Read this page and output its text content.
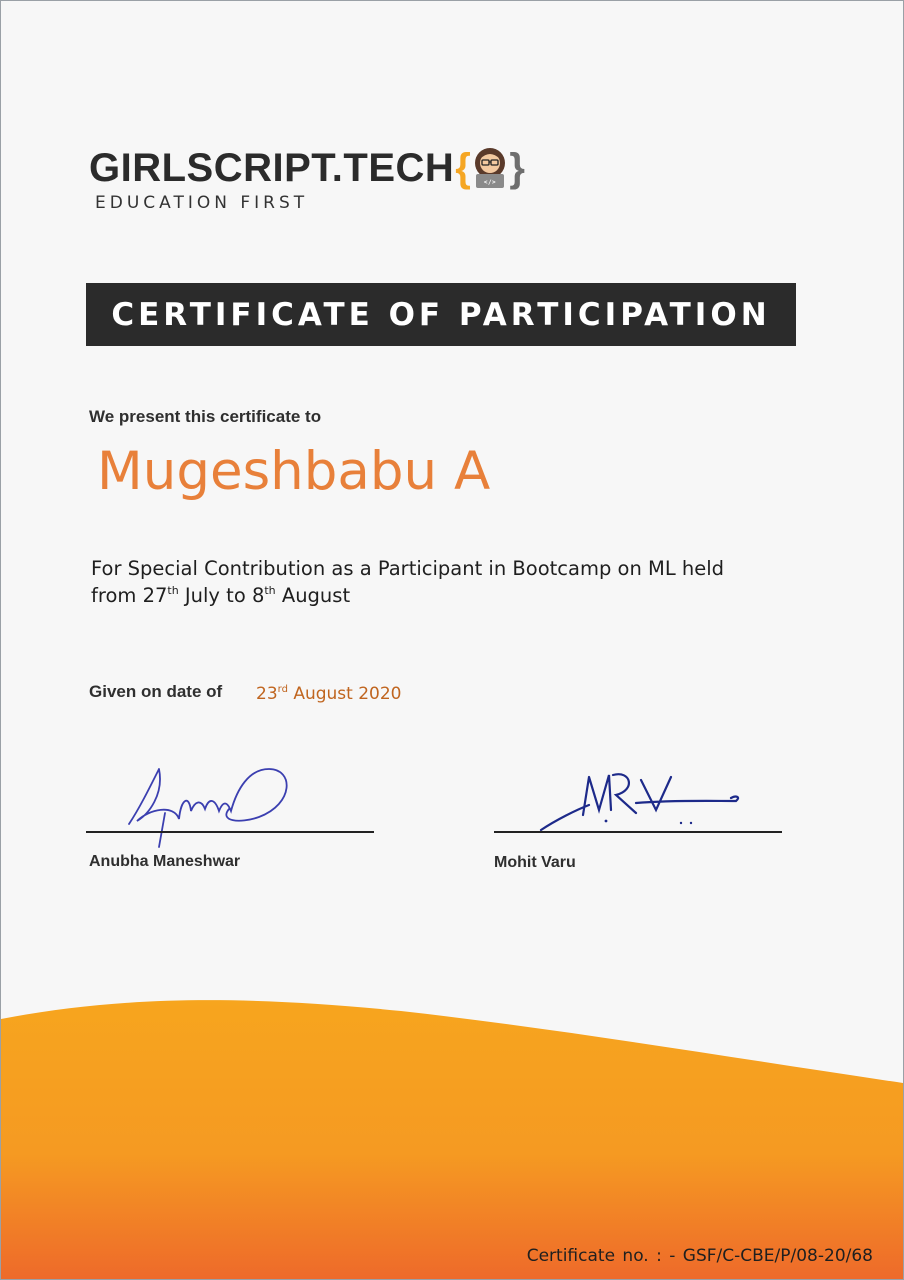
GIRLSCRIPT.TECH { </> }
EDUCATION FIRST
CERTIFICATE OF PARTICIPATION
We present this certificate to
Mugeshbabu A
For Special Contribution as a Participant in Bootcamp on ML held
from 27th July to 8th August
Given on date of 23rd August 2020
Anubha Maneshwar	Mohit Varu
Certificate no. : - GSF/C-CBE/P/08-20/68
